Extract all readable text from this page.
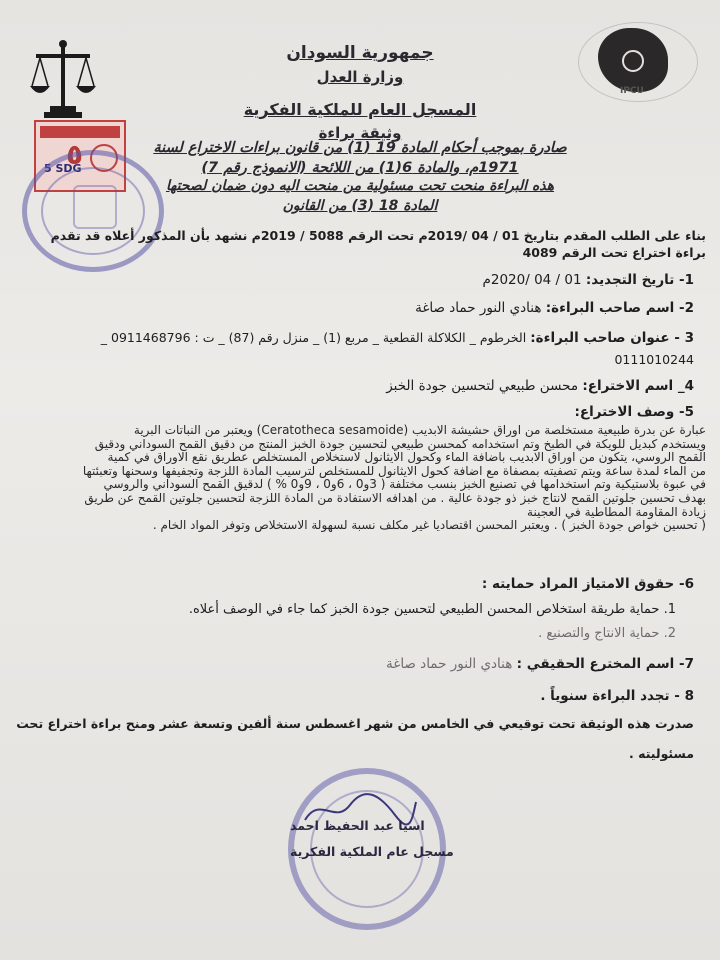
٥
5 SDG
IPCU
جمهورية السودان
وزارة العدل
المسجل العام للملكية الفكرية
وثيقة براءة
صادرة بموجب أحكام المادة 19 (1) من قانون براءات الاختراع لسنة
1971م، والمادة 6(1) من اللائحة (الانموذج رقم 7)
هذه البراءة منحت تحت مسئولية من منحت اليه دون ضمان لصحتها
المادة 18 (3) من القانون
بناء على الطلب المقدم بتاريخ 01 / 04 /2019م تحت الرقم 5088 / 2019م نشهد بأن المذكور أعلاه قد تقدم
براءة اختراع تحت الرقم 4089
1- تاريخ التجديد: 01 / 04 /2020م
2- اسم صاحب البراءة: هنادي النور حماد صاغة
3 - عنوان صاحب البراءة: الخرطوم _ الكلاكلة القطعية _ مربع (1) _ منزل رقم (87) _ ت : 0911468796 _
0111010244
4_ اسم الاختراع: محسن طبيعي لتحسين جودة الخبز
5- وصف الاختراع:
عبارة عن بدرة طبيعية مستخلصة من اوراق حشيشة الابديب (Ceratotheca sesamoide) ويعتبر من النباتات البرية
ويستخدم كبديل للويكة في الطبخ وتم استخدامه كمحسن طبيعي لتحسين جودة الخبز المنتج من دقيق القمح السوداني ودقيق
القمح الروسي، يتكون من اوراق الابديب باضافة الماء وكحول الايثانول لاستخلاص المستخلص عطريق نقع الاوراق في كمية
من الماء لمدة ساعة ويتم تصفيته بمصفاة مع اضافة كحول الايثانول للمستخلص لترسيب المادة اللزجة وتجفيفها وسحنها وتعبئتها
في عبوة بلاستيكية وتم استخدامها في تصنيع الخبز بنسب مختلفة ( 3و0 ، 6و0 ، 9و0 % ) لدقيق القمح السوداني والروسي
بهدف تحسين جلوتين القمح لانتاج خبز ذو جودة عالية . من اهدافه الاستفادة من المادة اللزجة لتحسين جلوتين القمح عن طريق
زيادة المقاومة المطاطية في العجينة
( تحسين خواص جودة الخبز ) . ويعتبر المحسن اقتصاديا غير مكلف نسبة لسهولة الاستخلاص وتوفر المواد الخام .
6- حقوق الامتياز المراد حمايته :
1. حماية طريقة استخلاص المحسن الطبيعي لتحسين جودة الخبز كما جاء في الوصف أعلاه.
2. حماية الانتاج والتصنيع .
7- اسم المخترع الحقيقي : هنادي النور حماد صاغة
8 - تجدد البراءة سنوياً .
صدرت هذه الوثيقة تحت توقيعي في الخامس من شهر اغسطس سنة ألفين وتسعة عشر ومنح براءة اختراع تحت
مسئوليته .
اسيا عبد الحفيظ احمد
مسجل عام الملكية الفكرية
